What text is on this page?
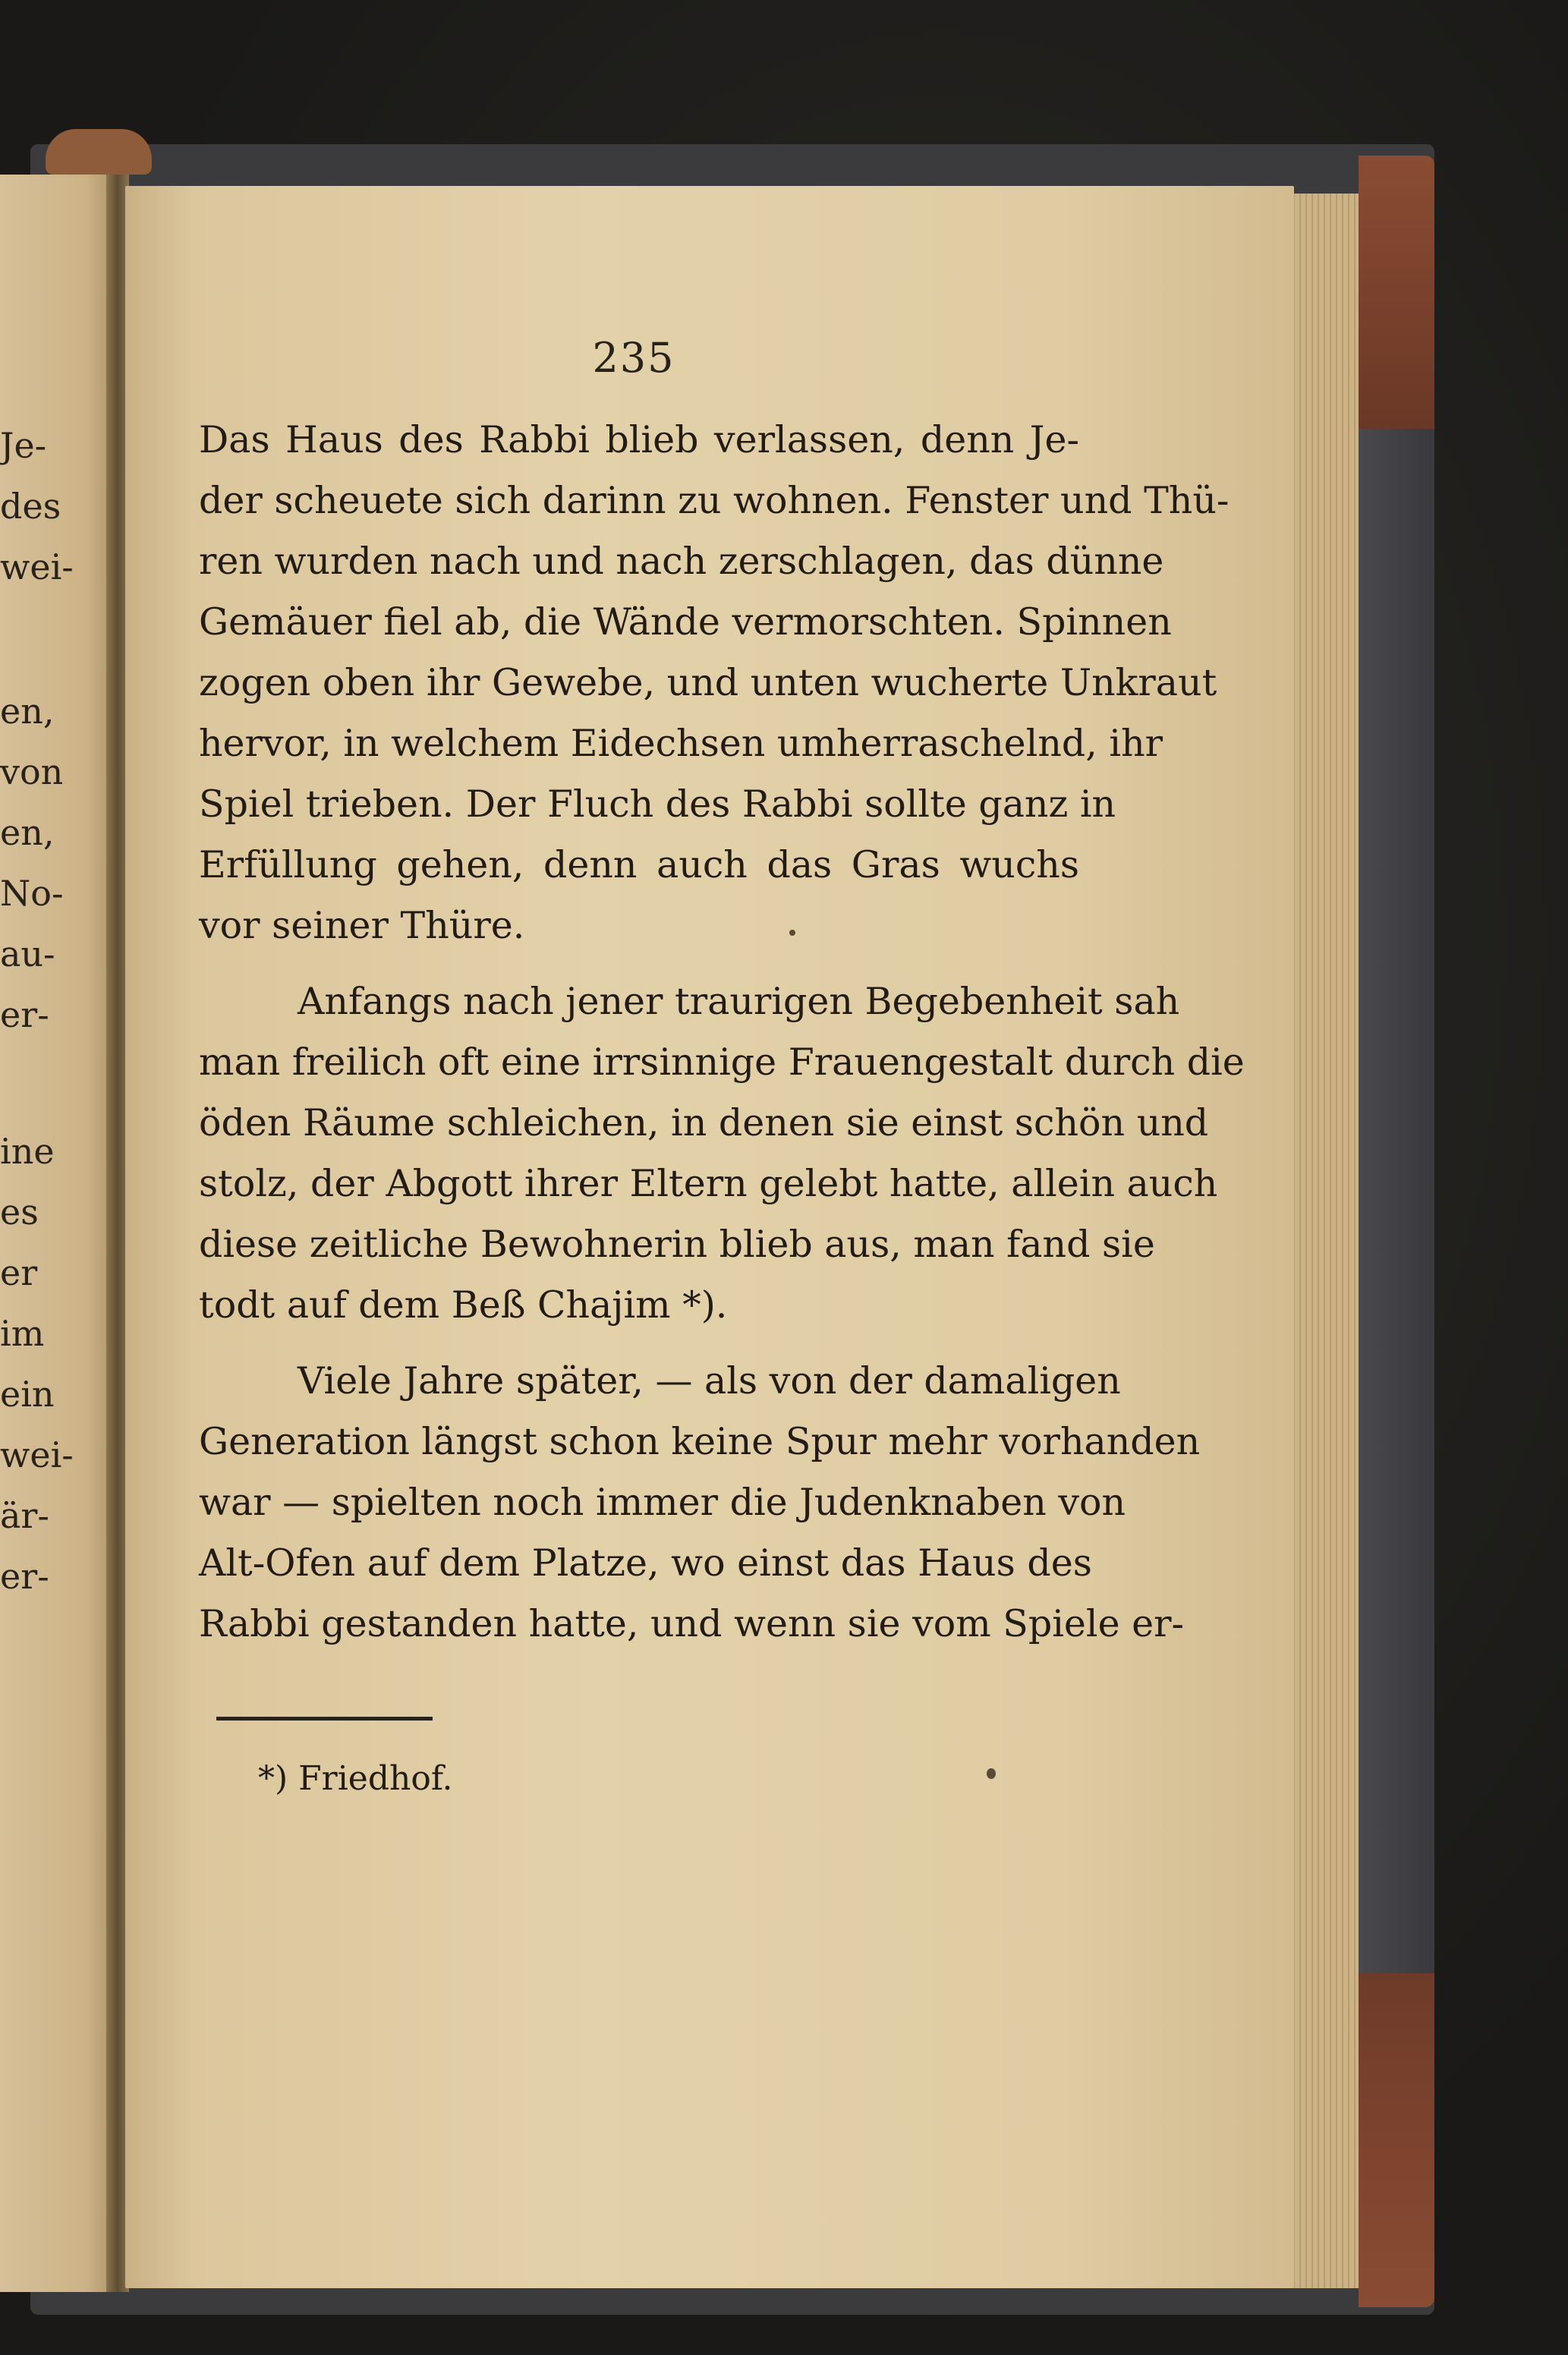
Je-
des
wei-
en,
von
en,
No-
au-
er-
ine
es
er
im
ein
wei-
är-
er-
235
Das Haus des Rabbi blieb verlassen, denn Je-
der scheuete sich darinn zu wohnen. Fenster und Thü-
ren wurden nach und nach zerschlagen, das dünne
Gemäuer fiel ab, die Wände vermorschten. Spinnen
zogen oben ihr Gewebe, und unten wucherte Unkraut
hervor, in welchem Eidechsen umherraschelnd, ihr
Spiel trieben. Der Fluch des Rabbi sollte ganz in
Erfüllung gehen, denn auch das Gras wuchs
vor seiner Thüre.
Anfangs nach jener traurigen Begebenheit sah
man freilich oft eine irrsinnige Frauengestalt durch die
öden Räume schleichen, in denen sie einst schön und
stolz, der Abgott ihrer Eltern gelebt hatte, allein auch
diese zeitliche Bewohnerin blieb aus, man fand sie
todt auf dem Beß Chajim *).
Viele Jahre später, — als von der damaligen
Generation längst schon keine Spur mehr vorhanden
war — spielten noch immer die Judenknaben von
Alt-Ofen auf dem Platze, wo einst das Haus des
Rabbi gestanden hatte, und wenn sie vom Spiele er-
*) Friedhof.
